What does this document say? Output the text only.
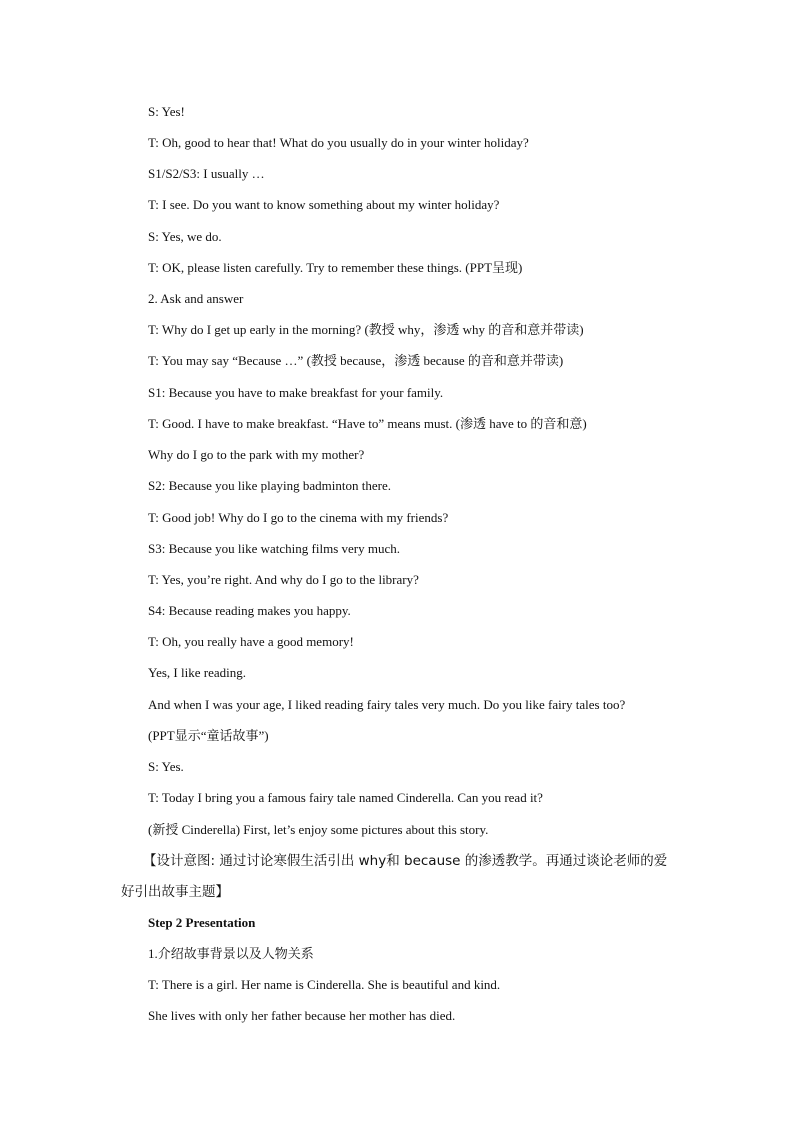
S: Yes!
T: Oh, good to hear that! What do you usually do in your winter holiday?
S1/S2/S3: I usually …
T: I see. Do you want to know something about my winter holiday?
S: Yes, we do.
T: OK, please listen carefully. Try to remember these things. (PPT呈现)
2. Ask and answer
T: Why do I get up early in the morning? (教授 why，渗透 why 的音和意并带读)
T: You may say “Because …” (教授 because，渗透 because 的音和意并带读)
S1: Because you have to make breakfast for your family.
T: Good. I have to make breakfast. “Have to” means must. (渗透 have to 的音和意)
Why do I go to the park with my mother?
S2: Because you like playing badminton there.
T: Good job! Why do I go to the cinema with my friends?
S3: Because you like watching films very much.
T: Yes, you’re right. And why do I go to the library?
S4: Because reading makes you happy.
T: Oh, you really have a good memory!
Yes, I like reading.
And when I was your age, I liked reading fairy tales very much. Do you like fairy tales too?
(PPT显示“童话故事”)
S: Yes.
T: Today I bring you a famous fairy tale named Cinderella. Can you read it?
(新授 Cinderella) First, let’s enjoy some pictures about this story.
【设计意图: 通过讨论寒假生活引出 why和 because 的渗透教学。再通过谈论老师的爱
好引出故事主题】
Step 2 Presentation
1.介绍故事背景以及人物关系
T: There is a girl. Her name is Cinderella. She is beautiful and kind.
She lives with only her father because her mother has died.
